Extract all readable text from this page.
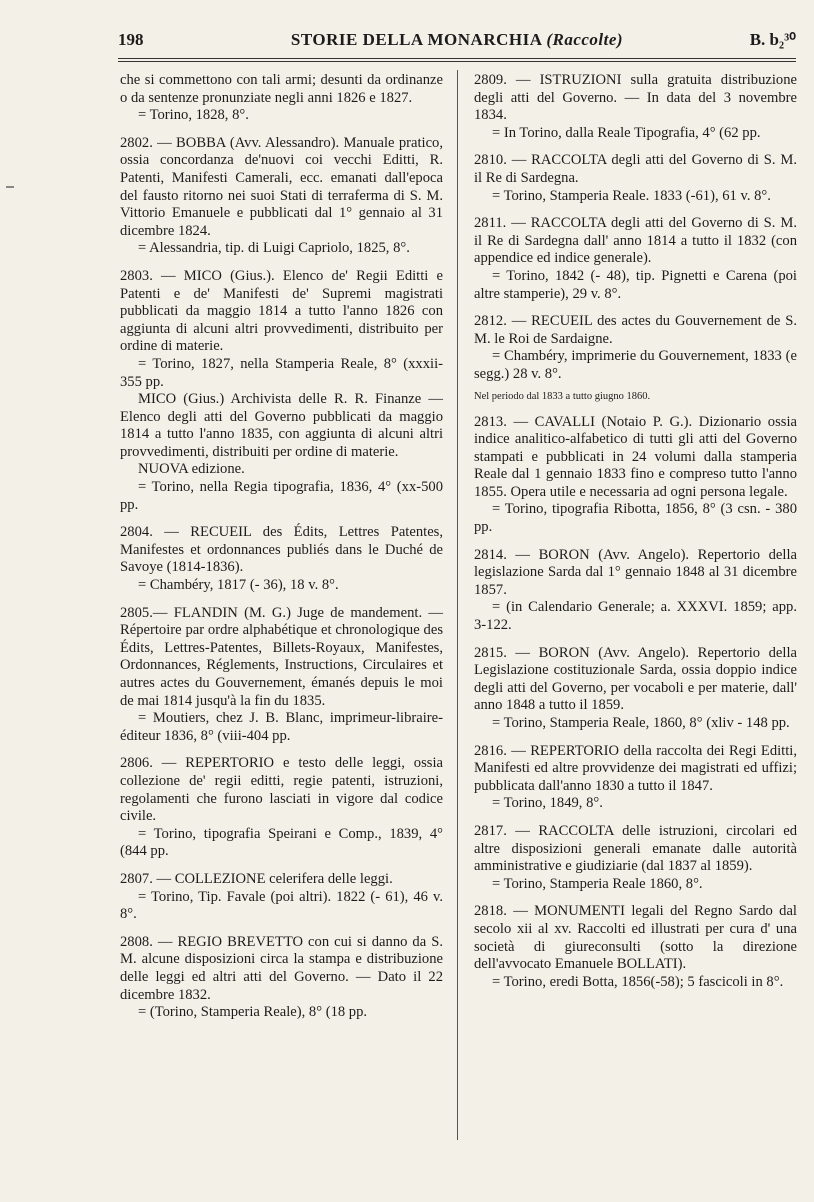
198	STORIE DELLA MONARCHIA (Raccolte)	B. b₂³⁰

che si commettono con tali armi; desunti da ordinanze o da sentenze pronunziate negli anni 1826 e 1827.

= Torino, 1828, 8°.

2802. — BOBBA (Avv. Alessandro). Manuale pratico, ossia concordanza de'nuovi coi vecchi Editti, R. Patenti, Manifesti Camerali, ecc. emanati dall'epoca del fausto ritorno nei suoi Stati di terraferma di S. M. Vittorio Emanuele e pubblicati dal 1° gennaio al 31 dicembre 1824.

= Alessandria, tip. di Luigi Capriolo, 1825, 8°.

2803. — MICO (Gius.). Elenco de' Regii Editti e Patenti e de' Manifesti de' Supremi magistrati pubblicati da maggio 1814 a tutto l'anno 1826 con aggiunta di alcuni altri provvedimenti, distribuito per ordine di materie.

= Torino, 1827, nella Stamperia Reale, 8° (xxxii-355 pp.

MICO (Gius.) Archivista delle R. R. Finanze — Elenco degli atti del Governo pubblicati da maggio 1814 a tutto l'anno 1835, con aggiunta di alcuni altri provvedimenti, distribuiti per ordine di materie.

NUOVA edizione.

= Torino, nella Regia tipografia, 1836, 4° (xx-500 pp.

2804. — RECUEIL des Édits, Lettres Patentes, Manifestes et ordonnances publiés dans le Duché de Savoye (1814-1836).

= Chambéry, 1817 (- 36), 18 v. 8°.

2805.— FLANDIN (M. G.) Juge de mandement. — Répertoire par ordre alphabétique et chronologique des Édits, Lettres-Patentes, Billets-Royaux, Manifestes, Ordonnances, Réglements, Instructions, Circulaires et autres actes du Gouvernement, émanés depuis le moi de mai 1814 jusqu'à la fin du 1835.

= Moutiers, chez J. B. Blanc, imprimeur-libraire-éditeur 1836, 8° (viii-404 pp.

2806. — REPERTORIO e testo delle leggi, ossia collezione de' regii editti, regie patenti, istruzioni, regolamenti che furono lasciati in vigore dal codice civile.

= Torino, tipografia Speirani e Comp., 1839, 4° (844 pp.

2807. — COLLEZIONE celerifera delle leggi.

= Torino, Tip. Favale (poi altri). 1822 (- 61), 46 v. 8°.

2808. — REGIO BREVETTO con cui si danno da S. M. alcune disposizioni circa la stampa e distribuzione delle leggi ed altri atti del Governo. — Dato il 22 dicembre 1832.

= (Torino, Stamperia Reale), 8° (18 pp.

2809. — ISTRUZIONI sulla gratuita distribuzione degli atti del Governo. — In data del 3 novembre 1834.

= In Torino, dalla Reale Tipografia, 4° (62 pp.

2810. — RACCOLTA degli atti del Governo di S. M. il Re di Sardegna.

= Torino, Stamperia Reale. 1833 (-61), 61 v. 8°.

2811. — RACCOLTA degli atti del Governo di S. M. il Re di Sardegna dall' anno 1814 a tutto il 1832 (con appendice ed indice generale).

= Torino, 1842 (- 48), tip. Pignetti e Carena (poi altre stamperie), 29 v. 8°.

2812. — RECUEIL des actes du Gouvernement de S. M. le Roi de Sardaigne.

= Chambéry, imprimerie du Gouvernement, 1833 (e segg.) 28 v. 8°.

Nel periodo dal 1833 a tutto giugno 1860.

2813. — CAVALLI (Notaio P. G.). Dizionario ossia indice analitico-alfabetico di tutti gli atti del Governo stampati e pubblicati in 24 volumi dalla stamperia Reale dal 1 gennaio 1833 fino e compreso tutto l'anno 1855. Opera utile e necessaria ad ogni persona legale.

= Torino, tipografia Ribotta, 1856, 8° (3 csn. - 380 pp.

2814. — BORON (Avv. Angelo). Repertorio della legislazione Sarda dal 1° gennaio 1848 al 31 dicembre 1857.

= (in Calendario Generale; a. XXXVI. 1859; app. 3-122.

2815. — BORON (Avv. Angelo). Repertorio della Legislazione costituzionale Sarda, ossia doppio indice degli atti del Governo, per vocaboli e per materie, dall' anno 1848 a tutto il 1859.

= Torino, Stamperia Reale, 1860, 8° (xliv - 148 pp.

2816. — REPERTORIO della raccolta dei Regi Editti, Manifesti ed altre provvidenze dei magistrati ed uffizi; pubblicata dall'anno 1830 a tutto il 1847.

= Torino, 1849, 8°.

2817. — RACCOLTA delle istruzioni, circolari ed altre disposizioni generali emanate dalle autorità amministrative e giudiziarie (dal 1837 al 1859).

= Torino, Stamperia Reale 1860, 8°.

2818. — MONUMENTI legali del Regno Sardo dal secolo xii al xv. Raccolti ed illustrati per cura d' una società di giureconsulti (sotto la direzione dell'avvocato Emanuele BOLLATI).

= Torino, eredi Botta, 1856(-58); 5 fascicoli in 8°.
